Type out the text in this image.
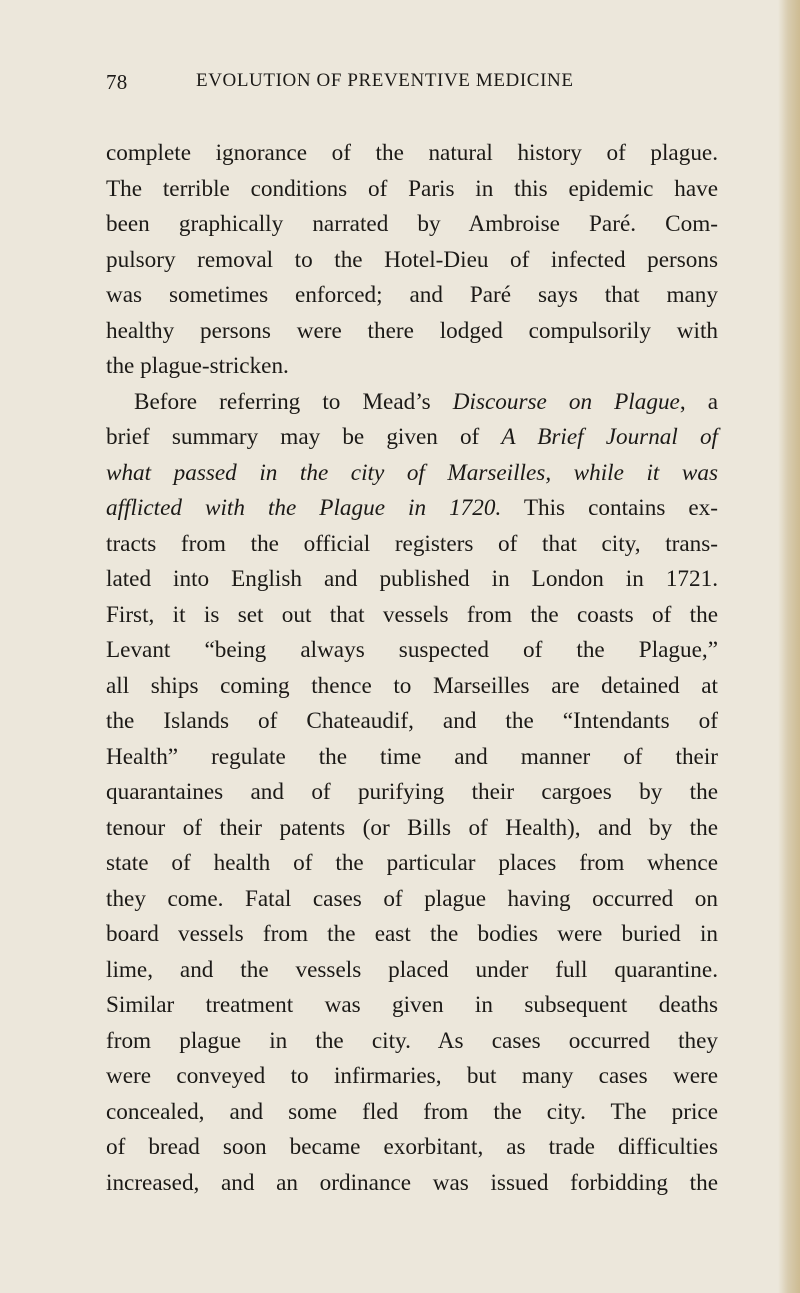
78	EVOLUTION OF PREVENTIVE MEDICINE
complete ignorance of the natural history of plague.
The terrible conditions of Paris in this epidemic have
been graphically narrated by Ambroise Paré. Com-
pulsory removal to the Hotel-Dieu of infected persons
was sometimes enforced; and Paré says that many
healthy persons were there lodged compulsorily with
the plague-stricken.
Before referring to Mead’s Discourse on Plague, a
brief summary may be given of A Brief Journal of
what passed in the city of Marseilles, while it was
afflicted with the Plague in 1720. This contains ex-
tracts from the official registers of that city, trans-
lated into English and published in London in 1721.
First, it is set out that vessels from the coasts of the
Levant “being always suspected of the Plague,”
all ships coming thence to Marseilles are detained at
the Islands of Chateaudif, and the “Intendants of
Health” regulate the time and manner of their
quarantaines and of purifying their cargoes by the
tenour of their patents (or Bills of Health), and by the
state of health of the particular places from whence
they come. Fatal cases of plague having occurred on
board vessels from the east the bodies were buried in
lime, and the vessels placed under full quarantine.
Similar treatment was given in subsequent deaths
from plague in the city. As cases occurred they
were conveyed to infirmaries, but many cases were
concealed, and some fled from the city. The price
of bread soon became exorbitant, as trade difficulties
increased, and an ordinance was issued forbidding the
